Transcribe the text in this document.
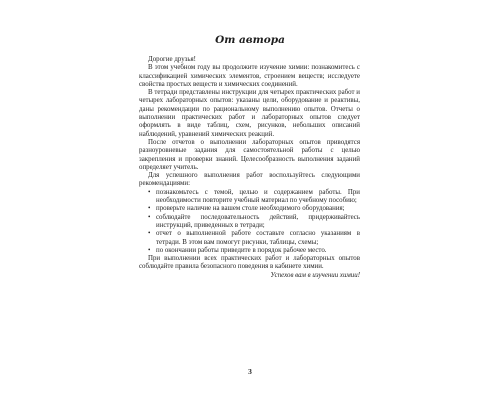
От автора

Дорогие друзья!

В этом учебном году вы продолжите изучение химии: познакомитесь с классификацией химических элементов, строением веществ; исследуете свойства простых веществ и химических соединений.

В тетради представлены инструкции для четырех практических работ и четырех лабораторных опытов: указаны цели, оборудование и реактивы, даны рекомендации по рациональному выполнению опытов. Отчеты о выполнении практических работ и лабораторных опытов следует оформлять в виде таблиц, схем, рисунков, небольших описаний наблюдений, уравнений химических реакций.

После отчетов о выполнении лабораторных опытов приводятся разноуровневые задания для самостоятельной работы с целью закрепления и проверки знаний. Целесообразность выполнения заданий определяет учитель.

Для успешного выполнения работ воспользуйтесь следующими рекомендациями:

• познакомьтесь с темой, целью и содержанием работы. При необходимости повторите учебный материал по учебному пособию;
• проверьте наличие на вашем столе необходимого оборудования;
• соблюдайте последовательность действий, придерживайтесь инструкций, приведенных в тетради;
• отчет о выполненной работе составьте согласно указаниям в тетради. В этом вам помогут рисунки, таблицы, схемы;
• по окончании работы приведите в порядок рабочее место.

При выполнении всех практических работ и лабораторных опытов соблюдайте правила безопасного поведения в кабинете химии.

Успехов вам в изучении химии!

3
